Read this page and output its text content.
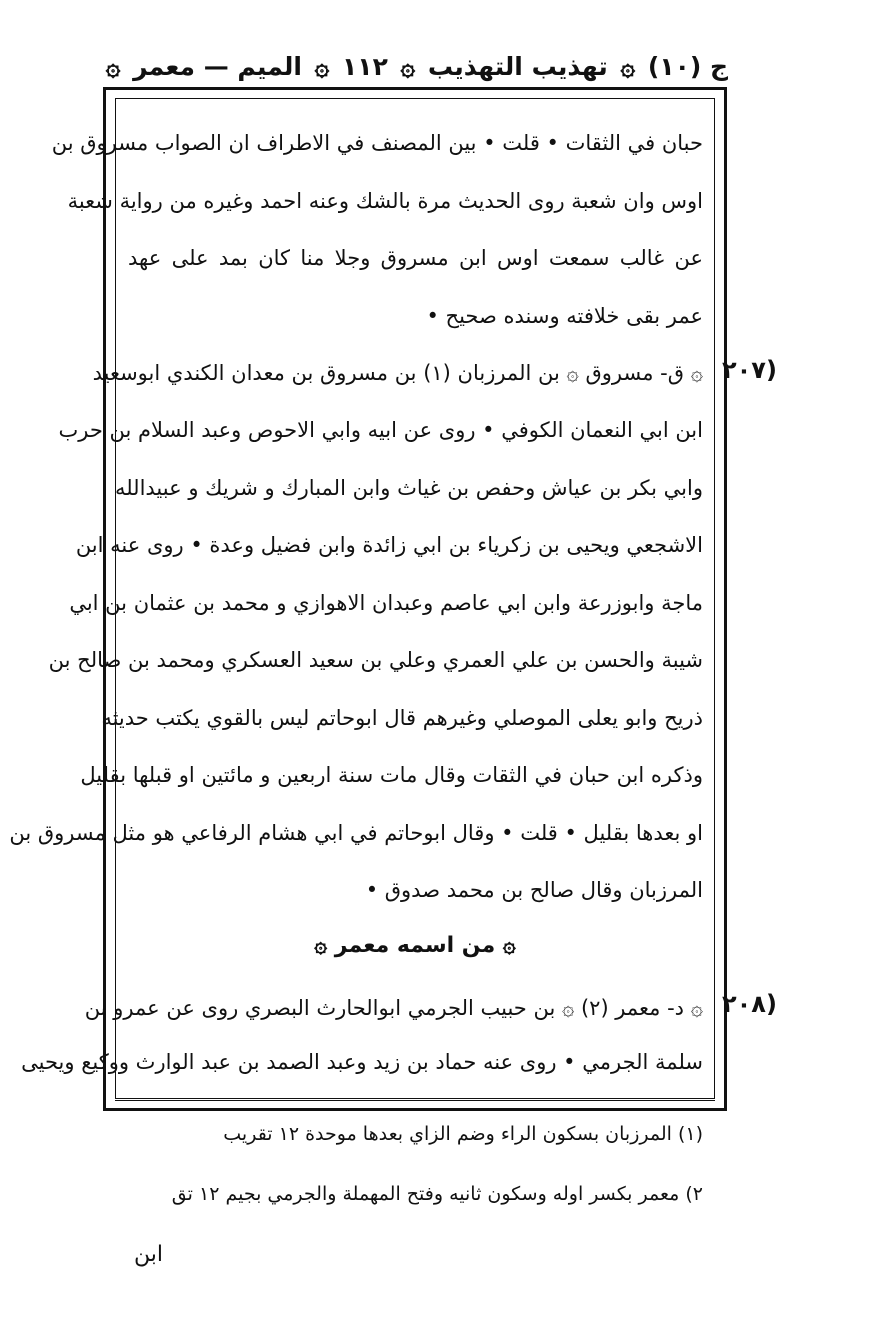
ج (١٠) ۞ تهذيب التهذيب ۞ ١١٢ ۞ الميم — معمر ۞
حبان في الثقات • قلت • بين المصنف في الاطراف ان الصواب مسروق بن
اوس وان شعبة روى الحديث مرة بالشك وعنه احمد وغيره من رواية شعبة
عن غالب سمعت اوس ابن مسروق وجلا منا كان بمد على عهد
عمر بقى خلافته وسنده صحيح •
۞ ق- مسروق ۞ بن المرزبان (١) بن مسروق بن معدان الكندي ابوسعيد
ابن ابي النعمان الكوفي • روى عن ابيه وابي الاحوص وعبد السلام بن حرب
وابي بكر بن عياش وحفص بن غياث وابن المبارك و شريك و عبيدالله
الاشجعي ويحيى بن زكرياء بن ابي زائدة وابن فضيل وعدة • روى عنه ابن
ماجة وابوزرعة وابن ابي عاصم وعبدان الاهوازي و محمد بن عثمان بن ابي
شيبة والحسن بن علي العمري وعلي بن سعيد العسكري ومحمد بن صالح بن
ذريح وابو يعلى الموصلي وغيرهم قال ابوحاتم ليس بالقوي يكتب حديثه
وذكره ابن حبان في الثقات وقال مات سنة اربعين و مائتين او قبلها بقليل
او بعدها بقليل • قلت • وقال ابوحاتم في ابي هشام الرفاعي هو مثل مسروق بن
المرزبان وقال صالح بن محمد صدوق •
(٢٠٧
(٢٠٨
۞ من اسمه معمر ۞
۞ د- معمر (٢) ۞ بن حبيب الجرمي ابوالحارث البصري روى عن عمرو بن
سلمة الجرمي • روى عنه حماد بن زيد وعبد الصمد بن عبد الوارث ووكيع ويحيى
(١) المرزبان بسكون الراء وضم الزاي بعدها موحدة ١٢ تقريب
٢) معمر بكسر اوله وسكون ثانيه وفتح المهملة والجرمي بجيم ١٢ تق
ابن
